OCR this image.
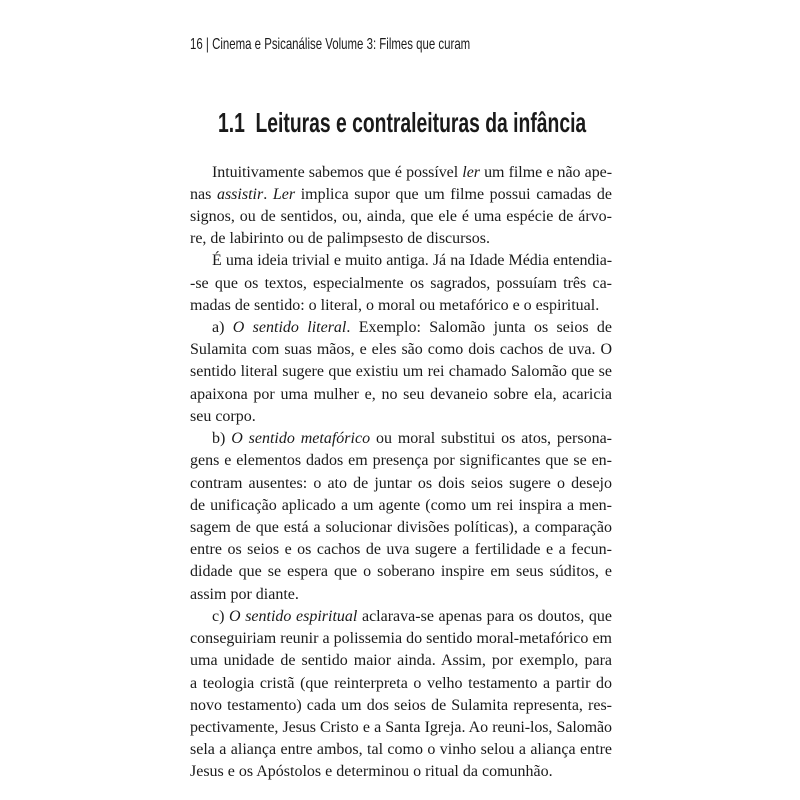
16 | Cinema e Psicanálise Volume 3: Filmes que curam
1.1 Leituras e contraleituras da infância
Intuitivamente sabemos que é possível ler um filme e não ape-
nas assistir. Ler implica supor que um filme possui camadas de
signos, ou de sentidos, ou, ainda, que ele é uma espécie de árvo-
re, de labirinto ou de palimpsesto de discursos.
É uma ideia trivial e muito antiga. Já na Idade Média entendia-
-se que os textos, especialmente os sagrados, possuíam três ca-
madas de sentido: o literal, o moral ou metafórico e o espiritual.
a) O sentido literal. Exemplo: Salomão junta os seios de
Sulamita com suas mãos, e eles são como dois cachos de uva. O
sentido literal sugere que existiu um rei chamado Salomão que se
apaixona por uma mulher e, no seu devaneio sobre ela, acaricia
seu corpo.
b) O sentido metafórico ou moral substitui os atos, persona-
gens e elementos dados em presença por significantes que se en-
contram ausentes: o ato de juntar os dois seios sugere o desejo
de unificação aplicado a um agente (como um rei inspira a men-
sagem de que está a solucionar divisões políticas), a comparação
entre os seios e os cachos de uva sugere a fertilidade e a fecun-
didade que se espera que o soberano inspire em seus súditos, e
assim por diante.
c) O sentido espiritual aclarava-se apenas para os doutos, que
conseguiriam reunir a polissemia do sentido moral-metafórico em
uma unidade de sentido maior ainda. Assim, por exemplo, para
a teologia cristã (que reinterpreta o velho testamento a partir do
novo testamento) cada um dos seios de Sulamita representa, res-
pectivamente, Jesus Cristo e a Santa Igreja. Ao reuni-los, Salomão
sela a aliança entre ambos, tal como o vinho selou a aliança entre
Jesus e os Apóstolos e determinou o ritual da comunhão.
